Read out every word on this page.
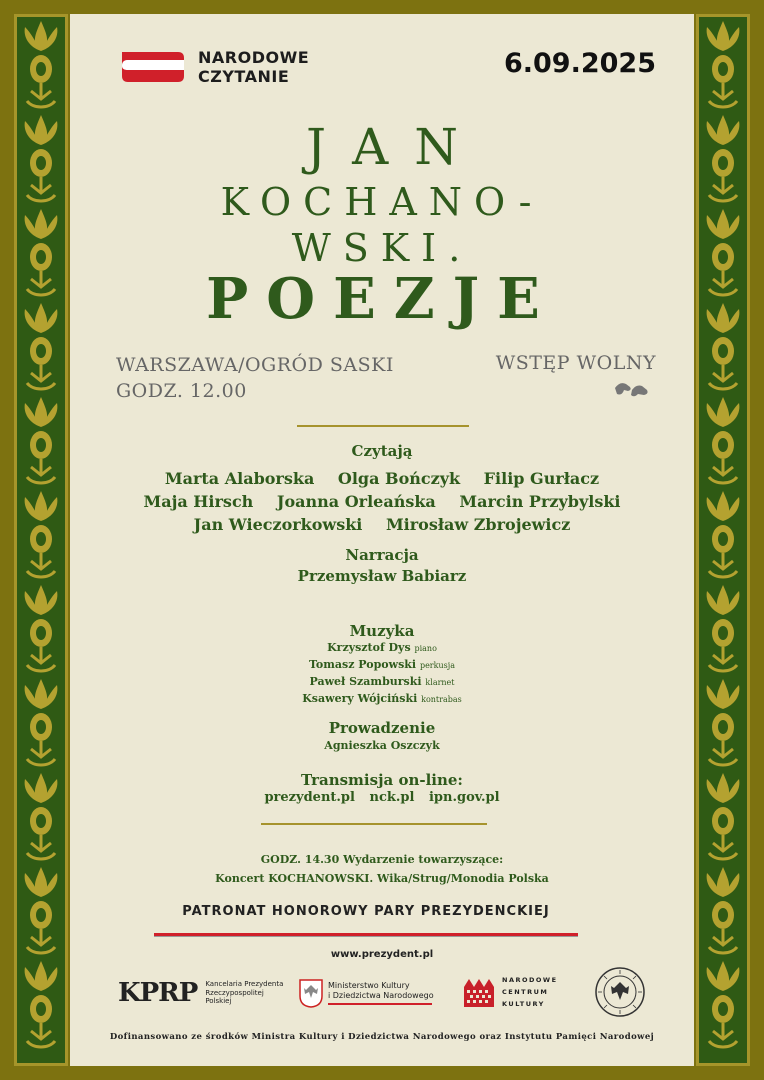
NARODOWE
CZYTANIE	6.09.2025
JAN
KOCHANO-
WSKI.
POEZJE
WARSZAWA/OGRÓD SASKI
GODZ. 12.00
WSTĘP WOLNY
Czytają
Marta Alaborska Olga Bończyk Filip Gurłacz
Maja Hirsch Joanna Orleańska Marcin Przybylski
Jan Wieczorkowski Mirosław Zbrojewicz
Narracja
Przemysław Babiarz
Muzyka
Krzysztof Dys piano
Tomasz Popowski perkusja
Paweł Szamburski klarnet
Ksawery Wójciński kontrabas
Prowadzenie
Agnieszka Oszczyk
Transmisja on-line:
prezydent.pl nck.pl ipn.gov.pl
GODZ. 14.30 Wydarzenie towarzyszące:
Koncert KOCHANOWSKI. Wika/Strug/Monodia Polska
PATRONAT HONOROWY PARY PREZYDENCKIEJ
www.prezydent.pl
KPRP Kancelaria Prezydenta
Rzeczypospolitej
Polskiej
Ministerstwo Kultury
i Dziedzictwa Narodowego
NARODOWE
CENTRUM
KULTURY
Dofinansowano ze środków Ministra Kultury i Dziedzictwa Narodowego oraz Instytutu Pamięci Narodowej
